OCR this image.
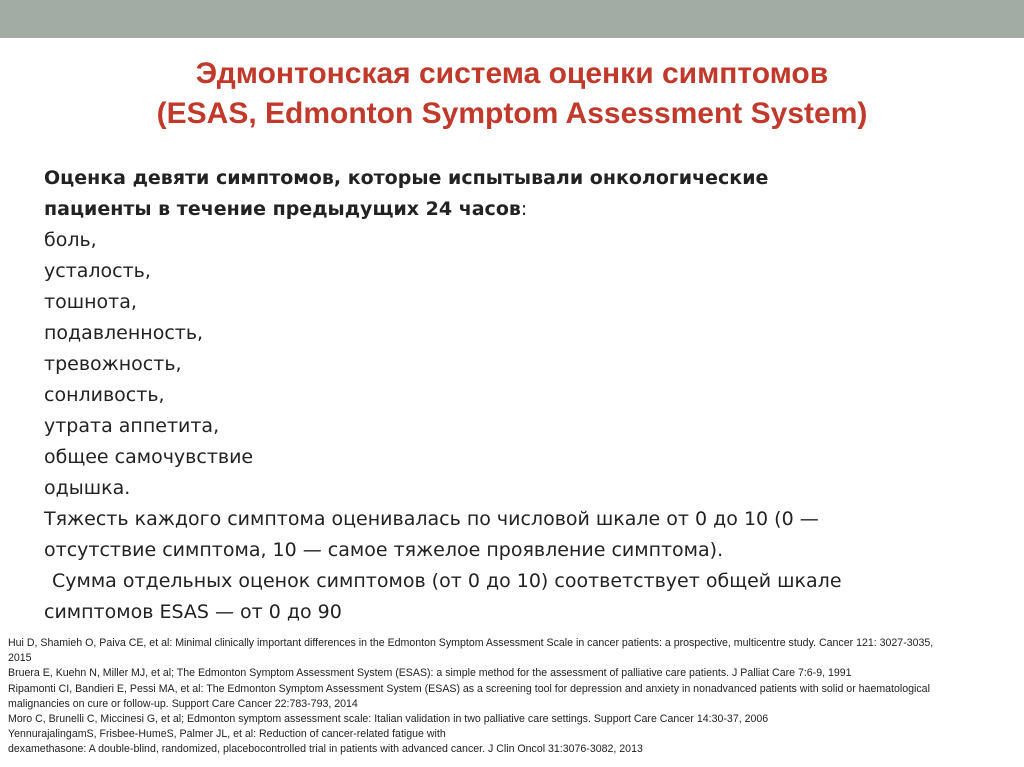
Эдмонтонская система оценки симптомов
(ESAS, Edmonton Symptom Assessment System)
Оценка девяти симптомов, которые испытывали онкологические
пациенты в течение предыдущих 24 часов:
боль,
усталость,
тошнота,
подавленность,
тревожность,
сонливость,
утрата аппетита,
общее самочувствие
одышка.
Тяжесть каждого симптома оценивалась по числовой шкале от 0 до 10 (0 —
отсутствие симптома, 10 — самое тяжелое проявление симптома).
Сумма отдельных оценок симптомов (от 0 до 10) соответствует общей шкале
симптомов ESAS — от 0 до 90
Hui D, Shamieh O, Paiva CE, et al: Minimal clinically important differences in the Edmonton Symptom Assessment Scale in cancer patients: a prospective, multicentre study. Cancer 121: 3027-3035,
2015
Bruera E, Kuehn N, Miller MJ, et al; The Edmonton Symptom Assessment System (ESAS): a simple method for the assessment of palliative care patients. J Palliat Care 7:6-9, 1991
Ripamonti CI, Bandieri E, Pessi MA, et al: The Edmonton Symptom Assessment System (ESAS) as a screening tool for depression and anxiety in nonadvanced patients with solid or haematological
malignancies on cure or follow-up. Support Care Cancer 22:783-793, 2014
Moro C, Brunelli C, Miccinesi G, et al; Edmonton symptom assessment scale: Italian validation in two palliative care settings. Support Care Cancer 14:30-37, 2006
YennurajalingamS, Frisbee-HumeS, Palmer JL, et al: Reduction of cancer-related fatigue with
dexamethasone: A double-blind, randomized, placebocontrolled trial in patients with advanced cancer. J Clin Oncol 31:3076-3082, 2013
